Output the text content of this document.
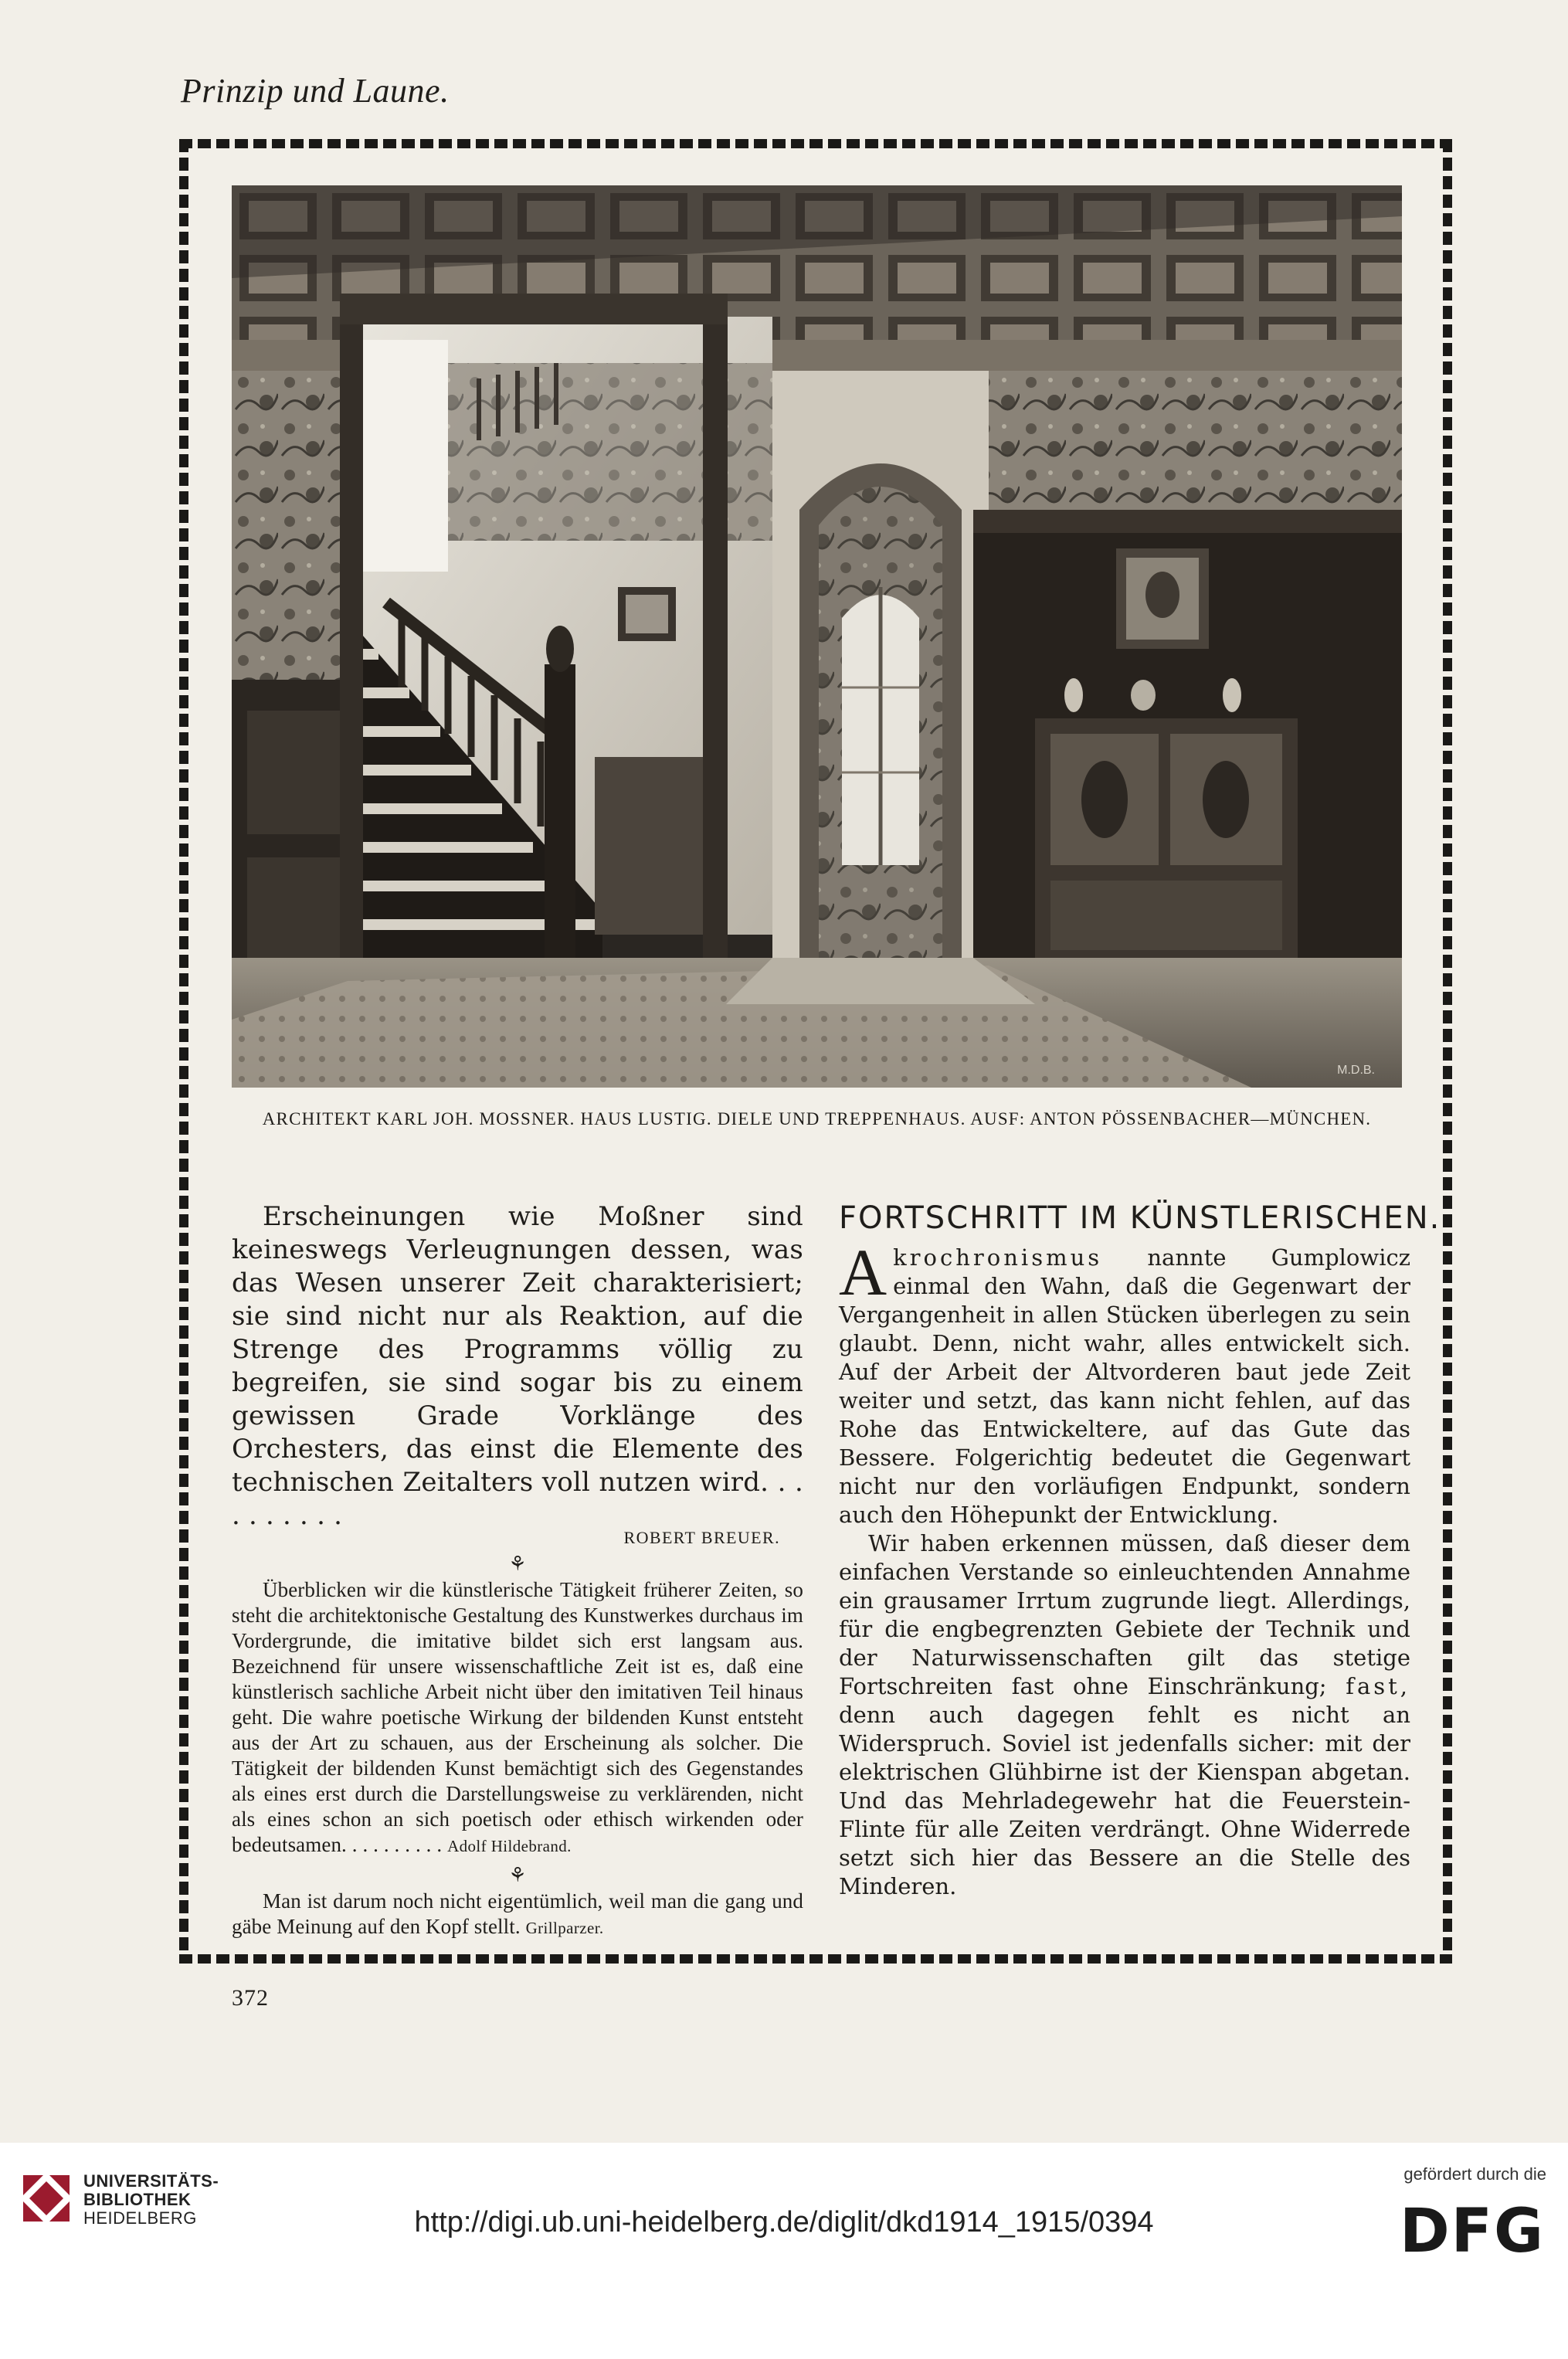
Prinzip und Laune.
M.D.B.
ARCHITEKT KARL JOH. MOSSNER. HAUS LUSTIG. DIELE UND TREPPENHAUS. AUSF: ANTON PÖSSENBACHER—MÜNCHEN.

Erscheinungen wie Moßner sind keineswegs Verleugnungen dessen, was das Wesen unserer Zeit charakterisiert; sie sind nicht nur als Reaktion, auf die Strenge des Programms völlig zu begreifen, sie sind sogar bis zu einem gewissen Grade Vorklänge des Orchesters, das einst die Elemente des technischen Zeitalters voll nutzen wird. . . . . . . . . .

ROBERT BREUER.
⚘

Überblicken wir die künstlerische Tätigkeit früherer Zeiten, so steht die architektonische Gestaltung des Kunstwerkes durchaus im Vordergrunde, die imitative bildet sich erst langsam aus. Bezeichnend für unsere wissenschaftliche Zeit ist es, daß eine künstlerisch sachliche Arbeit nicht über den imitativen Teil hinaus geht. Die wahre poetische Wirkung der bildenden Kunst entsteht aus der Art zu schauen, aus der Erscheinung als solcher. Die Tätigkeit der bildenden Kunst bemächtigt sich des Gegenstandes als eines erst durch die Darstellungsweise zu verklärenden, nicht als eines schon an sich poetisch oder ethisch wirkenden oder bedeutsamen. . . . . . . . . . Adolf Hildebrand.

⚘

Man ist darum noch nicht eigentümlich, weil man die gang und gäbe Meinung auf den Kopf stellt. Grillparzer.

FORTSCHRITT IM KÜNSTLERISCHEN.

Akrochronismus nannte Gumplowicz einmal den Wahn, daß die Gegenwart der Vergangenheit in allen Stücken überlegen zu sein glaubt. Denn, nicht wahr, alles entwickelt sich. Auf der Arbeit der Altvorderen baut jede Zeit weiter und setzt, das kann nicht fehlen, auf das Rohe das Entwickeltere, auf das Gute das Bessere. Folgerichtig bedeutet die Gegenwart nicht nur den vorläufigen Endpunkt, sondern auch den Höhepunkt der Entwicklung.

Wir haben erkennen müssen, daß dieser dem einfachen Verstande so einleuchtenden Annahme ein grausamer Irrtum zugrunde liegt. Allerdings, für die engbegrenzten Gebiete der Technik und der Naturwissenschaften gilt das stetige Fortschreiten fast ohne Einschränkung; fast, denn auch dagegen fehlt es nicht an Widerspruch. Soviel ist jedenfalls sicher: mit der elektrischen Glühbirne ist der Kienspan abgetan. Und das Mehrladegewehr hat die Feuerstein-Flinte für alle Zeiten verdrängt. Ohne Widerrede setzt sich hier das Bessere an die Stelle des Minderen.

372
UNIVERSITÄTS-
BIBLIOTHEK
HEIDELBERG	http://digi.ub.uni-heidelberg.de/diglit/dkd1914_1915/0394
gefördert durch die
DFG
